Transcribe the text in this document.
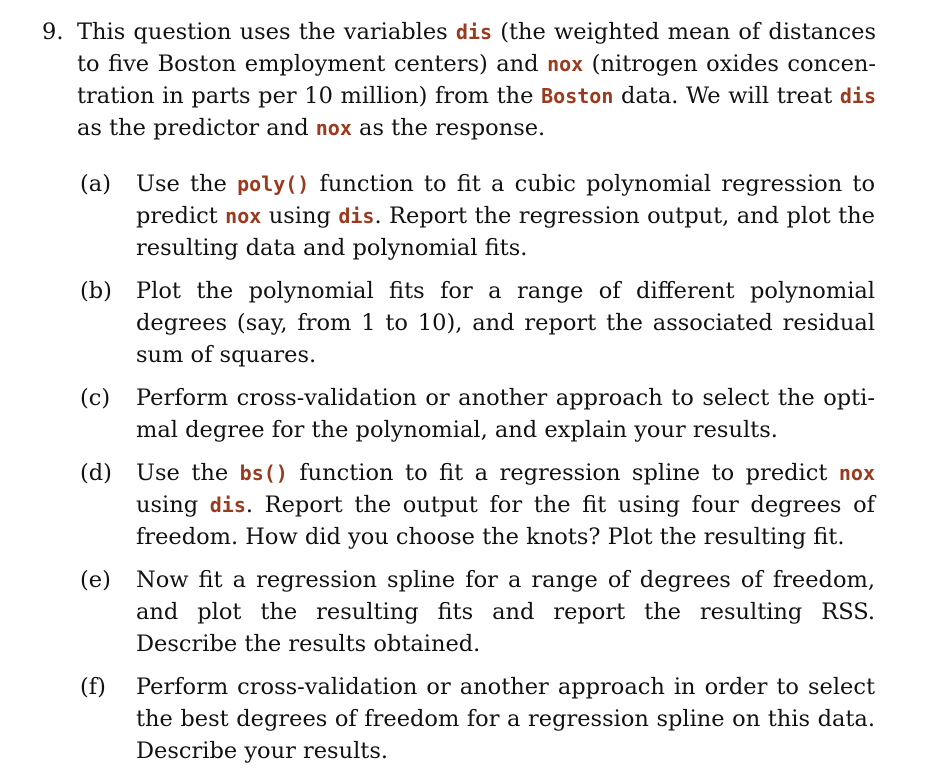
9. This question uses the variables dis (the weighted mean of distances to five Boston employment centers) and nox (nitrogen oxides concentration in parts per 10 million) from the Boston data. We will treat dis as the predictor and nox as the response.
(a) Use the poly() function to fit a cubic polynomial regression to predict nox using dis. Report the regression output, and plot the resulting data and polynomial fits.
(b) Plot the polynomial fits for a range of different polynomial degrees (say, from 1 to 10), and report the associated residual sum of squares.
(c) Perform cross-validation or another approach to select the optimal degree for the polynomial, and explain your results.
(d) Use the bs() function to fit a regression spline to predict nox using dis. Report the output for the fit using four degrees of freedom. How did you choose the knots? Plot the resulting fit.
(e) Now fit a regression spline for a range of degrees of freedom, and plot the resulting fits and report the resulting RSS. Describe the results obtained.
(f) Perform cross-validation or another approach in order to select the best degrees of freedom for a regression spline on this data. Describe your results.
